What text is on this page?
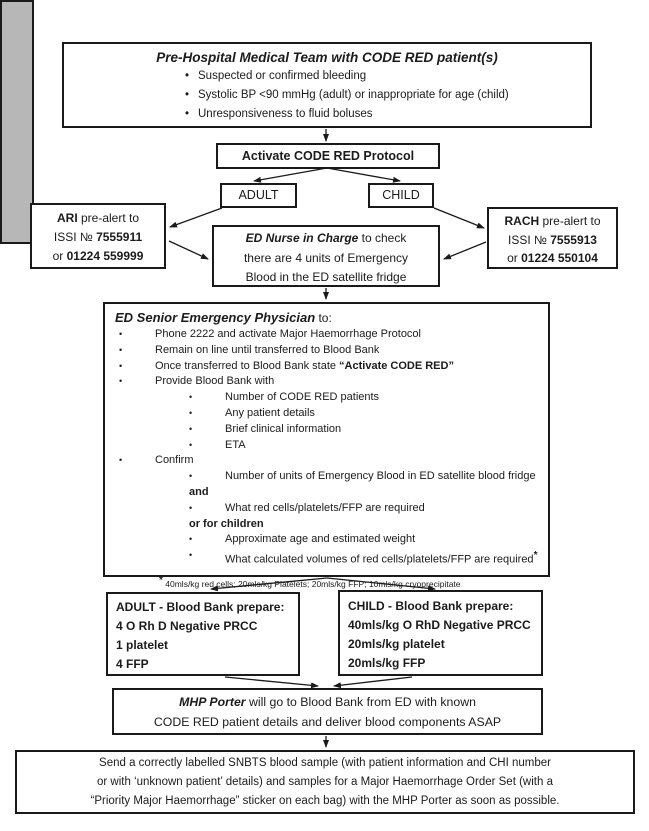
Pre-Hospital Medical Team with CODE RED patient(s)
• Suspected or confirmed bleeding
• Systolic BP <90 mmHg (adult) or inappropriate for age (child)
• Unresponsiveness to fluid boluses
Activate CODE RED Protocol
ADULT	CHILD
ARI pre-alert to
ISSI № 7555911
or 01224 559999
RACH pre-alert to
ISSI № 7555913
or 01224 550104
ED Nurse in Charge to check
there are 4 units of Emergency
Blood in the ED satellite fridge
ED Senior Emergency Physician to:
•	Phone 2222 and activate Major Haemorrhage Protocol
•	Remain on line until transferred to Blood Bank
•	Once transferred to Blood Bank state “Activate CODE RED”
•	Provide Blood Bank with
•	Number of CODE RED patients
•	Any patient details
•	Brief clinical information
•	ETA
•	Confirm
•	Number of units of Emergency Blood in ED satellite blood fridge
and
•	What red cells/platelets/FFP are required
or for children
•	Approximate age and estimated weight
•	What calculated volumes of red cells/platelets/FFP are required*
* 40mls/kg red cells; 20mls/kg Platelets; 20mls/kg FFP; 10mls/kg cryoprecipitate
ADULT - Blood Bank prepare:
4 O Rh D Negative PRCC
1 platelet
4 FFP
CHILD - Blood Bank prepare:
40mls/kg O RhD Negative PRCC
20mls/kg platelet
20mls/kg FFP
MHP Porter will go to Blood Bank from ED with known
CODE RED patient details and deliver blood components ASAP
Send a correctly labelled SNBTS blood sample (with patient information and CHI number
or with ‘unknown patient’ details) and samples for a Major Haemorrhage Order Set (with a
“Priority Major Haemorrhage” sticker on each bag) with the MHP Porter as soon as possible.
